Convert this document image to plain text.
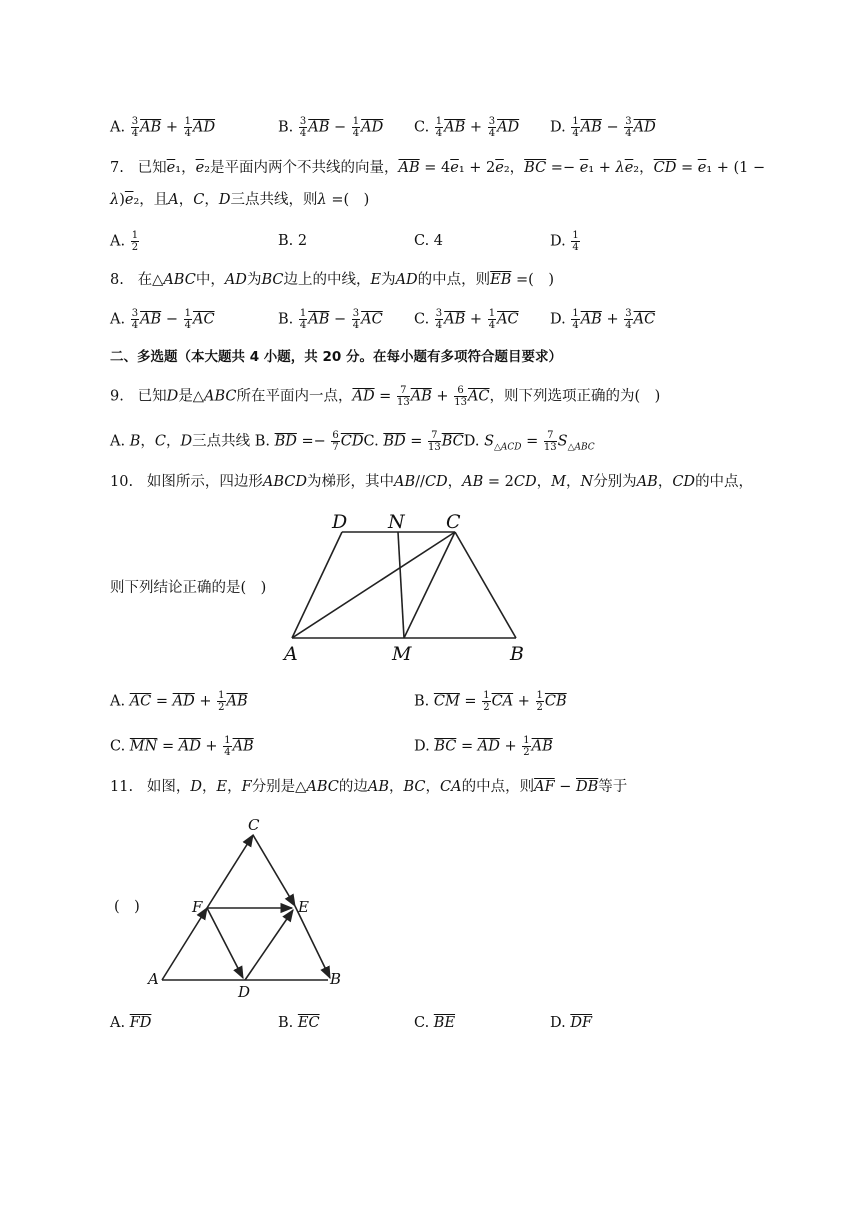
A. $\frac{3}{4} \overline{AB} + \frac{1}{4} \overline{AD}$	B. $\frac{3}{4} \overline{AB} - \frac{1}{4} \overline{AD}$ C. $\frac{1}{4} \overline{AB} + \frac{3}{4} \overline{AD}$ D. $\frac{1}{4} \overline{AB} - \frac{3}{4} \overline{AD}$
7.   已知$\overline{e}_1$，$\overline{e}_2$是平面内两个不共线的向量，$\overline{AB} = 4\overline{e}_1 + 2\overline{e}_2$，$\overline{BC} =- \overline{e}_1 + \lambda\overline{e}_2$，$\overline{CD} = \overline{e}_1 + (1$ −
$\lambda)\overline{e}_2$，且A，C，D三点共线，则λ =(　)
A. $\frac{1}{2}$	B. 2	C. 4	D. $\frac{1}{4}$
8.   在△ABC中，AD为BC边上的中线，E为AD的中点，则$\overline{EB}$ =(　)
A. $\frac{3}{4} \overline{AB} - \frac{1}{4} \overline{AC}$	B. $\frac{1}{4} \overline{AB} - \frac{3}{4} \overline{AC}$ C. $\frac{3}{4} \overline{AB} + \frac{1}{4} \overline{AC}$ D. $\frac{1}{4} \overline{AB} + \frac{3}{4} \overline{AC}$
二、多选题（本大题共 4 小题，共 20 分。在每小题有多项符合题目要求）
9.   已知D是△ABC所在平面内一点，$\overline{AD} = \frac{7}{13} \overline{AB} + \frac{6}{13} \overline{AC}$，则下列选项正确的为(　)
A. B，C，D三点共线 B. $\overline{BD} =- \frac{6}{7} \overline{CD}C$. $\overline{BD} = \frac{7}{13} \overline{BC}D$. $S_{\triangle ACD} = \frac{7}{13} S_{\triangle ABC}$
10.   如图所示，四边形ABCD为梯形，其中AB//CD，AB = 2CD，M，N分别为AB，CD的中点，
则下列结论正确的是(　)
D N C
A	M	B
A. $\overline{AC} = \overline{AD} + \frac{1}{2} \overline{AB}$	B. $\overline{CM} = \frac{1}{2} \overline{CA} + \frac{1}{2} \overline{CB}$
C. $\overline{MN} = \overline{AD} + \frac{1}{4} \overline{AB}$	D. $\overline{BC} = \overline{AD} + \frac{1}{2} \overline{AB}$
11.   如图，D，E，F分别是△ABC的边AB，BC，CA的中点，则$\overline{AF} - \overline{DB}$等于
(　)
C
F	E
A
D
B
A. $\overline{FD}$	B. $\overline{EC}$	C. $\overline{BE}$	D. $\overline{DF}$
